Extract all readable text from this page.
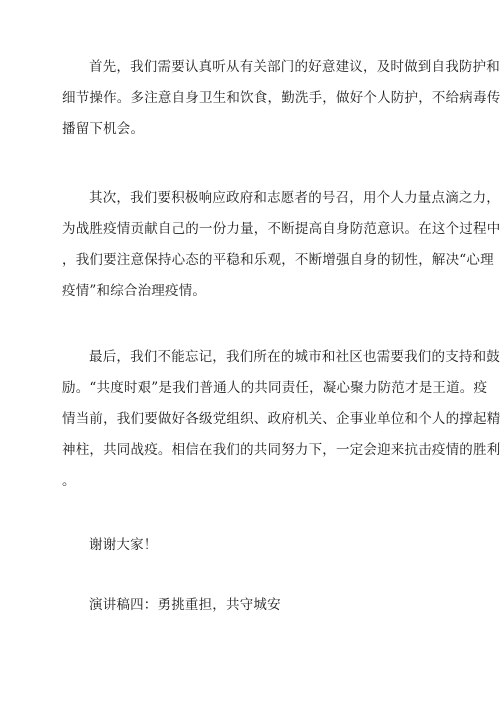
首先，我们需要认真听从有关部门的好意建议，及时做到自我防护和
细节操作。多注意自身卫生和饮食，勤洗手，做好个人防护，不给病毒传
播留下机会。

其次，我们要积极响应政府和志愿者的号召，用个人力量点滴之力，
为战胜疫情贡献自己的一份力量，不断提高自身防范意识。在这个过程中
，我们要注意保持心态的平稳和乐观，不断增强自身的韧性，解决“心理
疫情”和综合治理疫情。

最后，我们不能忘记，我们所在的城市和社区也需要我们的支持和鼓
励。“共度时艰”是我们普通人的共同责任，凝心聚力防范才是王道。疫
情当前，我们要做好各级党组织、政府机关、企事业单位和个人的撑起精
神柱，共同战疫。相信在我们的共同努力下，一定会迎来抗击疫情的胜利
。

谢谢大家！

演讲稿四：勇挑重担，共守城安
